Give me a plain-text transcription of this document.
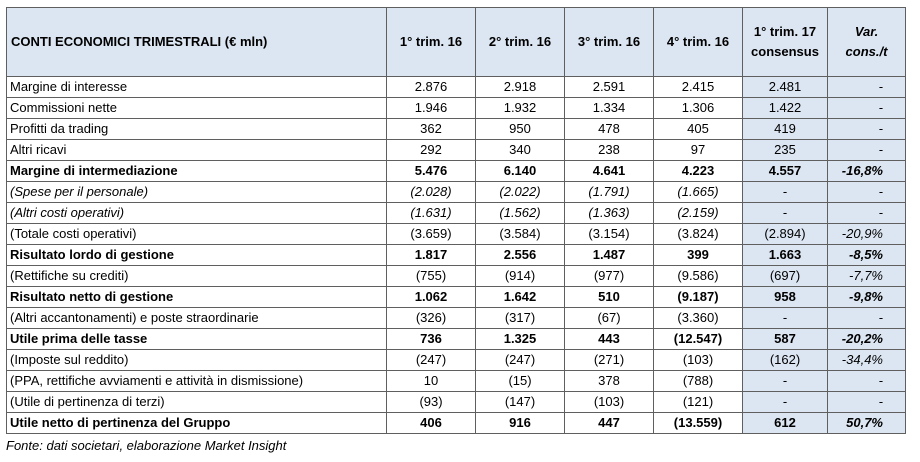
CONTI ECONOMICI TRIMESTRALI (€ mln)	1° trim. 16	2° trim. 16	3° trim. 16	4° trim. 16	1° trim. 17 consensus	Var. cons./t
Margine di interesse	2.876	2.918	2.591	2.415	2.481	-
Commissioni nette	1.946	1.932	1.334	1.306	1.422	-
Profitti da trading	362	950	478	405	419	-
Altri ricavi	292	340	238	97	235	-
Margine di intermediazione	5.476	6.140	4.641	4.223	4.557	-16,8%
(Spese per il personale)	(2.028)	(2.022)	(1.791)	(1.665)	-	-
(Altri costi operativi)	(1.631)	(1.562)	(1.363)	(2.159)	-	-
(Totale costi operativi)	(3.659)	(3.584)	(3.154)	(3.824)	(2.894)	-20,9%
Risultato lordo di gestione	1.817	2.556	1.487	399	1.663	-8,5%
(Rettifiche su crediti)	(755)	(914)	(977)	(9.586)	(697)	-7,7%
Risultato netto di gestione	1.062	1.642	510	(9.187)	958	-9,8%
(Altri accantonamenti) e poste straordinarie	(326)	(317)	(67)	(3.360)	-	-
Utile prima delle tasse	736	1.325	443	(12.547)	587	-20,2%
(Imposte sul reddito)	(247)	(247)	(271)	(103)	(162)	-34,4%
(PPA, rettifiche avviamenti e attività in dismissione)	10	(15)	378	(788)	-	-
(Utile di pertinenza di terzi)	(93)	(147)	(103)	(121)	-	-
Utile netto di pertinenza del Gruppo	406	916	447	(13.559)	612	50,7%
Fonte: dati societari, elaborazione Market Insight
